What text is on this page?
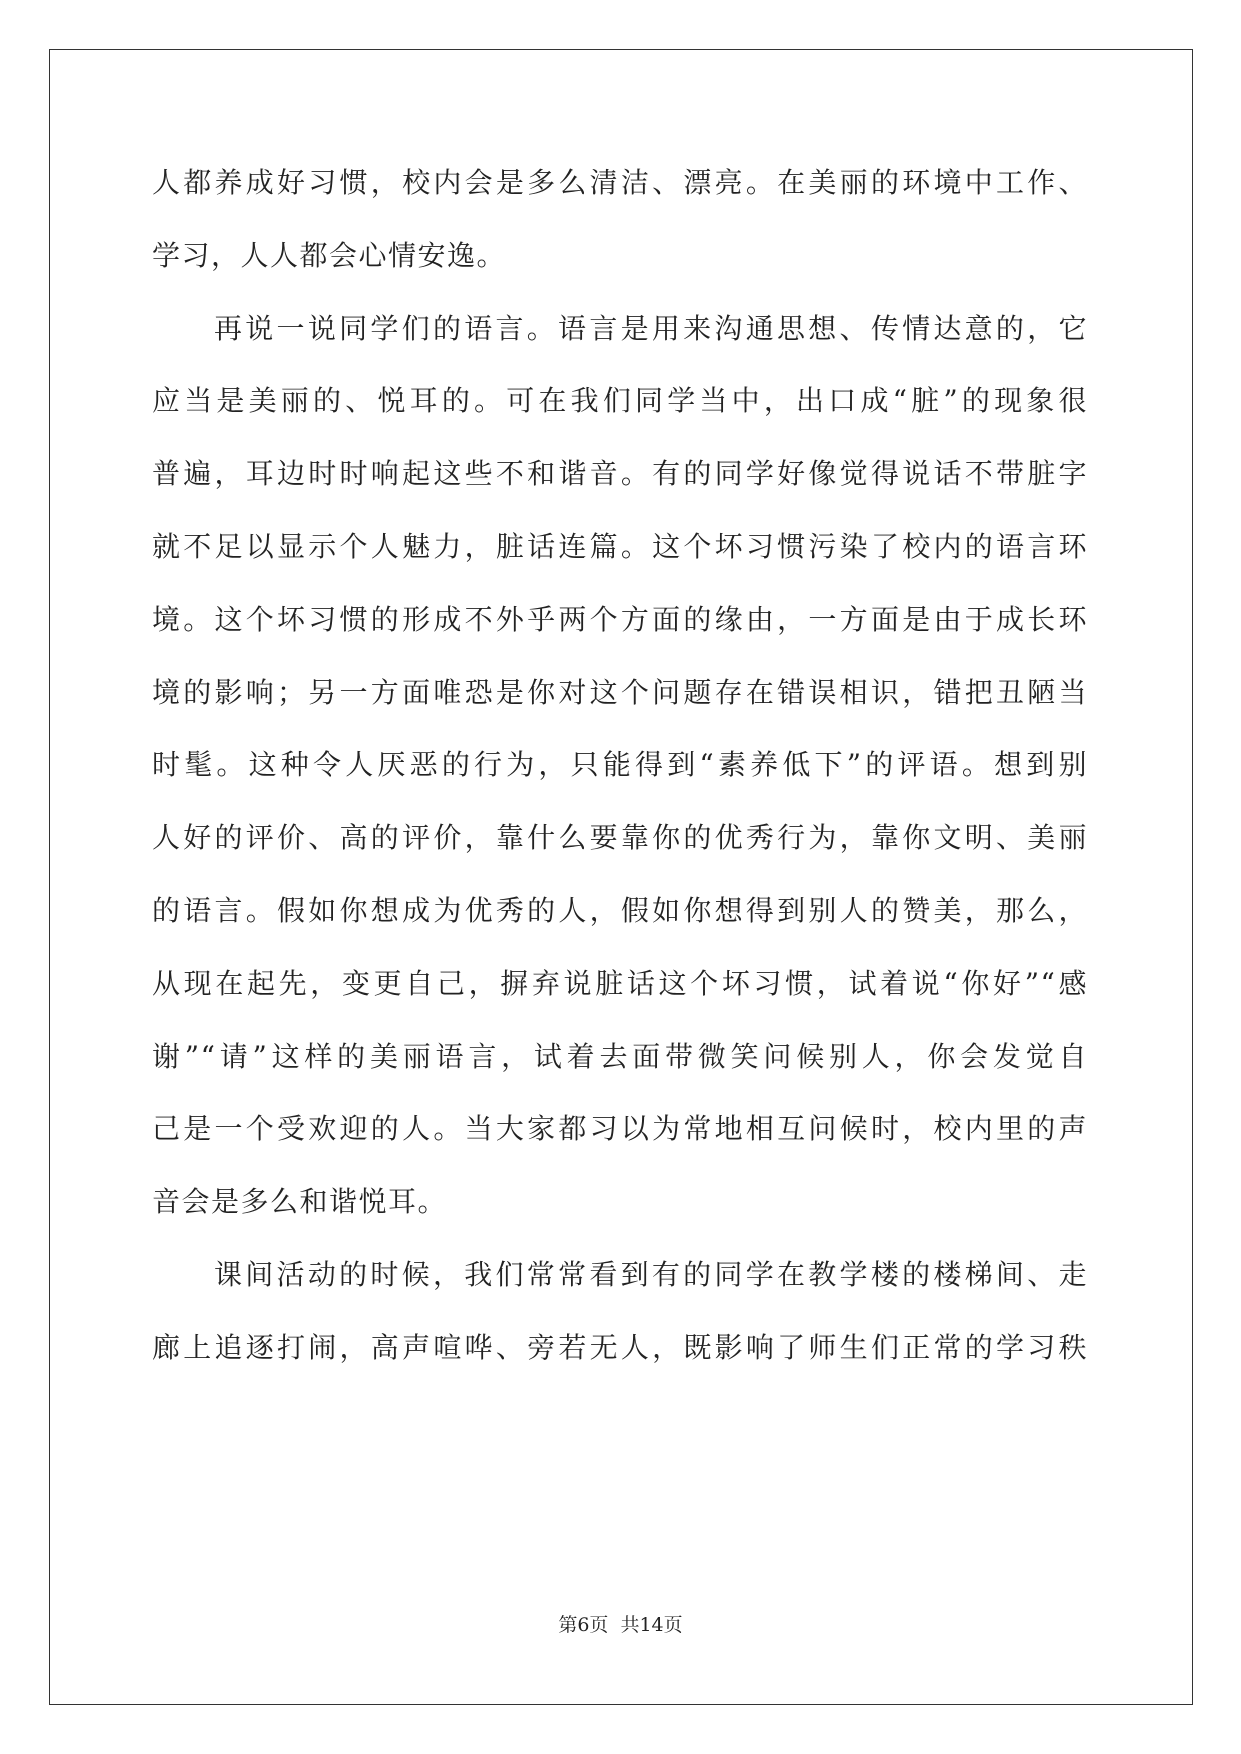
人都养成好习惯，校内会是多么清洁、漂亮。在美丽的环境中工作、
学习，人人都会心情安逸。
再说一说同学们的语言。语言是用来沟通思想、传情达意的，它
应当是美丽的、悦耳的。可在我们同学当中，出口成“脏”的现象很
普遍，耳边时时响起这些不和谐音。有的同学好像觉得说话不带脏字
就不足以显示个人魅力，脏话连篇。这个坏习惯污染了校内的语言环
境。这个坏习惯的形成不外乎两个方面的缘由，一方面是由于成长环
境的影响；另一方面唯恐是你对这个问题存在错误相识，错把丑陋当
时髦。这种令人厌恶的行为，只能得到“素养低下”的评语。想到别
人好的评价、高的评价，靠什么要靠你的优秀行为，靠你文明、美丽
的语言。假如你想成为优秀的人，假如你想得到别人的赞美，那么，
从现在起先，变更自己，摒弃说脏话这个坏习惯，试着说“你好”“感
谢”“请”这样的美丽语言，试着去面带微笑问候别人，你会发觉自
己是一个受欢迎的人。当大家都习以为常地相互问候时，校内里的声
音会是多么和谐悦耳。
课间活动的时候，我们常常看到有的同学在教学楼的楼梯间、走
廊上追逐打闹，高声喧哗、旁若无人，既影响了师生们正常的学习秩
第6页 共14页
